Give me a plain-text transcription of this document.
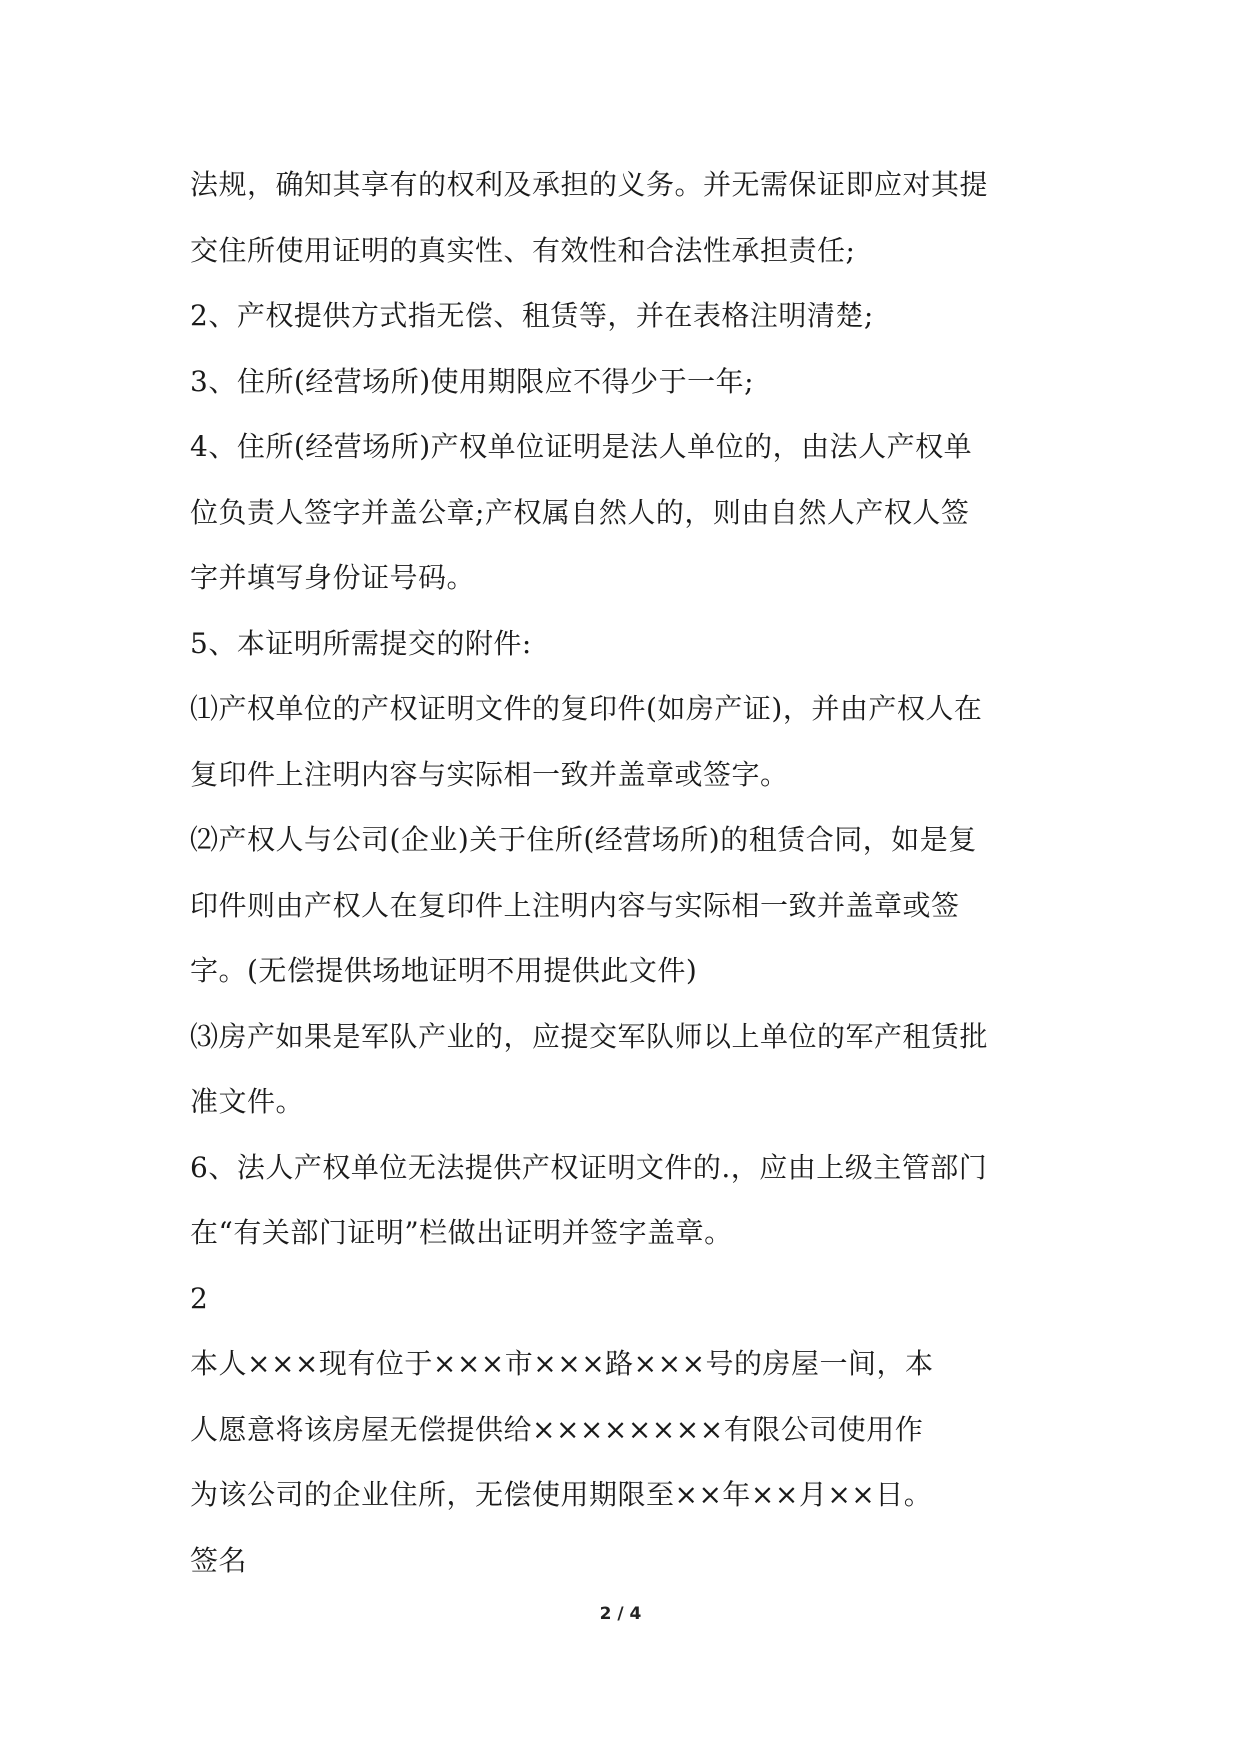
法规，确知其享有的权利及承担的义务。并无需保证即应对其提
交住所使用证明的真实性、有效性和合法性承担责任;
2、产权提供方式指无偿、租赁等，并在表格注明清楚;
3、住所(经营场所)使用期限应不得少于一年;
4、住所(经营场所)产权单位证明是法人单位的，由法人产权单
位负责人签字并盖公章;产权属自然人的，则由自然人产权人签
字并填写身份证号码。
5、本证明所需提交的附件:
⑴产权单位的产权证明文件的复印件(如房产证)，并由产权人在
复印件上注明内容与实际相一致并盖章或签字。
⑵产权人与公司(企业)关于住所(经营场所)的租赁合同，如是复
印件则由产权人在复印件上注明内容与实际相一致并盖章或签
字。(无偿提供场地证明不用提供此文件)
⑶房产如果是军队产业的，应提交军队师以上单位的军产租赁批
准文件。
6、法人产权单位无法提供产权证明文件的.，应由上级主管部门
在“有关部门证明”栏做出证明并签字盖章。
2
本人×××现有位于×××市×××路×××号的房屋一间，本
人愿意将该房屋无偿提供给××××××××有限公司使用作
为该公司的企业住所，无偿使用期限至××年××月××日。
签名
2 / 4
